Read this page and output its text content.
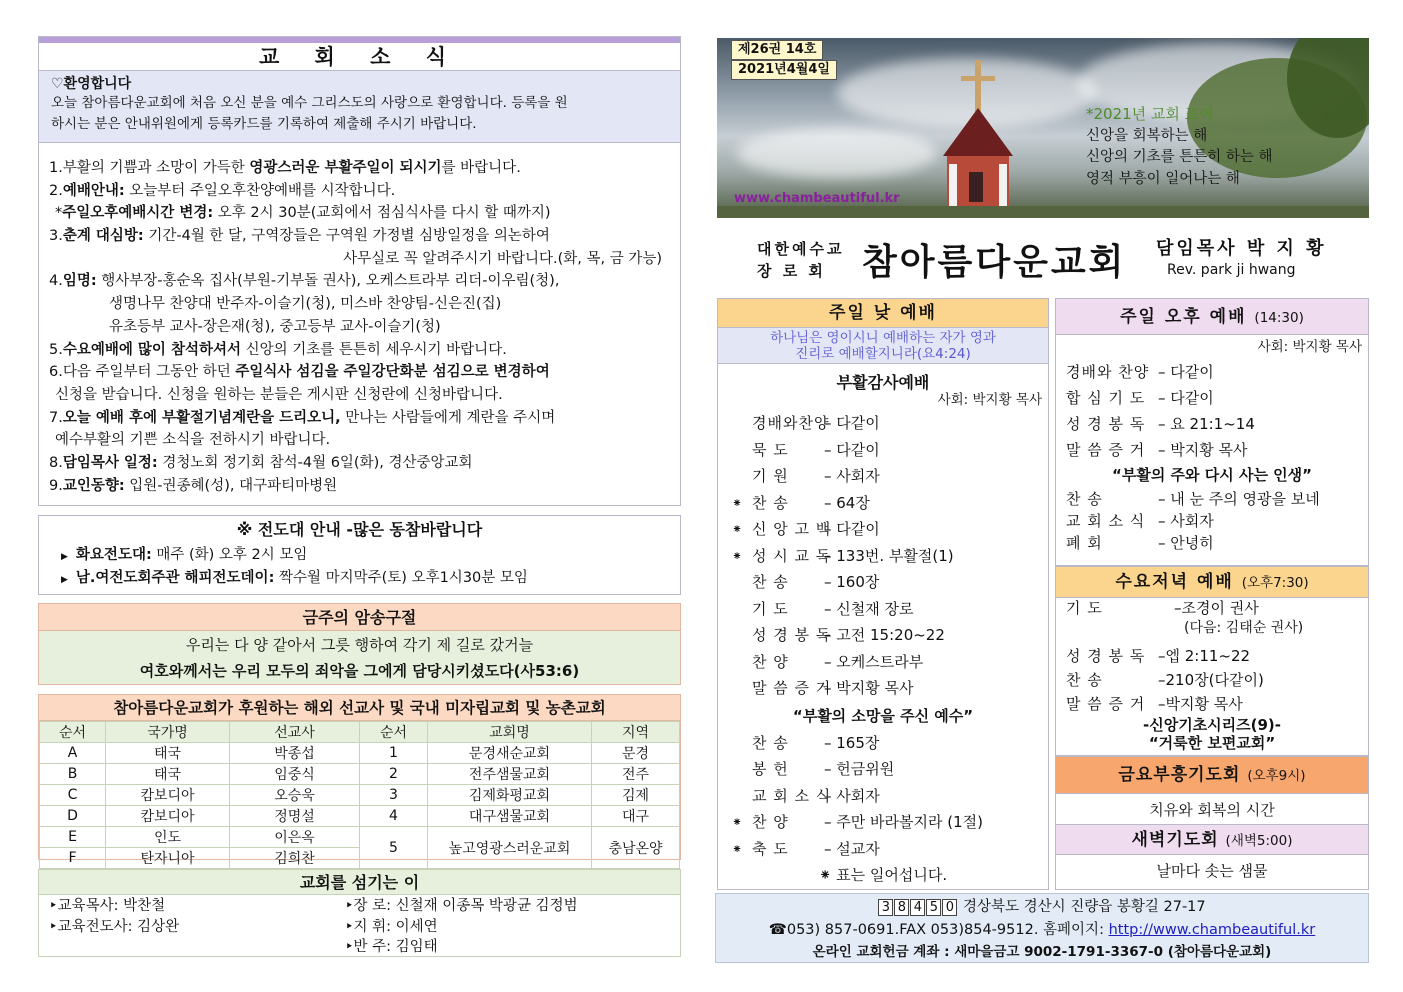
교 회 소 식
♡환영합니다
오늘 참아름다운교회에 처음 오신 분을 예수 그리스도의 사랑으로 환영합니다. 등록을 원
하시는 분은 안내위원에게 등록카드를 기록하여 제출해 주시기 바랍니다.
1.부활의 기쁨과 소망이 가득한 영광스러운 부활주일이 되시기를 바랍니다.
2.예배안내: 오늘부터 주일오후찬양예배를 시작합니다.
*주일오후예배시간 변경: 오후 2시 30분(교회에서 점심식사를 다시 할 때까지)
3.춘계 대심방: 기간-4월 한 달, 구역장들은 구역원 가정별 심방일정을 의논하여
사무실로 꼭 알려주시기 바랍니다.(화, 목, 금 가능)
4.임명: 행사부장-홍순옥 집사(부원-기부돌 권사), 오케스트라부 리더-이우림(청),
생명나무 찬양대 반주자-이슬기(청), 미스바 찬양팀-신은진(집)
유초등부 교사-장은재(청), 중고등부 교사-이슬기(청)
5.수요예배에 많이 참석하셔서 신앙의 기초를 튼튼히 세우시기 바랍니다.
6.다음 주일부터 그동안 하던 주일식사 섬김을 주일강단화분 섬김으로 변경하여
신청을 받습니다. 신청을 원하는 분들은 게시판 신청란에 신청바랍니다.
7.오늘 예배 후에 부활절기념계란을 드리오니, 만나는 사람들에게 계란을 주시며
예수부활의 기쁜 소식을 전하시기 바랍니다.
8.담임목사 일정: 경청노회 정기회 참석-4월 6일(화), 경산중앙교회
9.교인동향: 입원-권종혜(성), 대구파티마병원
※ 전도대 안내 -많은 동참바랍니다
▶ 화요전도대: 매주 (화) 오후 2시 모임
▶ 남.여전도회주관 해피전도데이: 짝수월 마지막주(토) 오후1시30분 모임
금주의 암송구절
우리는 다 양 같아서 그릇 행하여 각기 제 길로 갔거늘
여호와께서는 우리 모두의 죄악을 그에게 담당시키셨도다(사53:6)
참아름다운교회가 후원하는 해외 선교사 및 국내 미자립교회 및 농촌교회
순서	국가명	선교사	순서	교회명	지역
A	태국	박종섭	1	문경새순교회	문경
B	태국	임중식	2	전주샘물교회	전주
C	캄보디아	오승욱	3	김제화평교회	김제
D	캄보디아	정명설	4	대구샘물교회	대구
E	인도	이은옥	5	높고영광스러운교회	충남온양
F	탄자니아	김희찬			
교회를 섬기는 이
‣교육목사: 박찬철
‣교육전도사: 김상완
‣장 로: 신철재 이종목 박광균 김정범
‣지 휘: 이세연
‣반 주: 김임태
*2021년 교회 표어
신앙을 회복하는 해
신앙의 기초를 튼튼히 하는 해
영적 부흥이 일어나는 해
www.chambeautiful.kr
제26권 14호
2021년4월4일
대한예수교
장 로 회	참아름다운교회 담임목사 박 지 황
Rev. park ji hwang
주일 낮 예배
하나님은 영이시니 예배하는 자가 영과
진리로 예배할지니라(요4:24)
부활감사예배
사회: 박지황 목사
경배와찬양
– 다같이
묵 도 – 다같이
기 원 – 사회자
⁕ 찬 송 – 64장
⁕ 신 앙 고 백
– 다같이
⁕ 성 시 교 독
– 133번. 부활절(1)
찬 송 – 160장
기 도 – 신철재 장로
성 경 봉 독
– 고전 15:20~22
찬 양 – 오케스트라부
말 씀 증 거
– 박지황 목사
“부활의 소망을 주신 예수”
찬 송 – 165장
봉 헌 – 헌금위원
교 회 소 식
– 사회자
⁕ 찬 양 – 주만 바라볼지라 (1절)
⁕ 축 도 – 설교자
⁕ 표는 일어섭니다.
주일 오후 예배 (14:30)
사회: 박지황 목사
경배와 찬양 – 다같이
합 심 기 도 – 다같이
성 경 봉 독 – 요 21:1~14
말 씀 증 거 – 박지황 목사
“부활의 주와 다시 사는 인생”
찬 송	– 내 눈 주의 영광을 보네
교 회 소 식 – 사회자
폐 회	– 안녕히
수요저녁 예배 (오후7:30)
기 도	–조경이 권사
(다음: 김태순 권사)
성 경 봉 독 –엡 2:11~22
찬 송	–210장(다같이)
말 씀 증 거 –박지황 목사
-신앙기초시리즈(9)-
“거룩한 보편교회”
금요부흥기도회 (오후9시)
치유와 회복의 시간
새벽기도회 (새벽5:00)
날마다 솟는 샘물
3 8 4 5 0 경상북도 경산시 진량읍 봉황길 27-17
☎053) 857-0691.FAX 053)854-9512. 홈페이지: http://www.chambeautiful.kr
온라인 교회헌금 계좌 : 새마을금고 9002-1791-3367-0 (참아름다운교회)
